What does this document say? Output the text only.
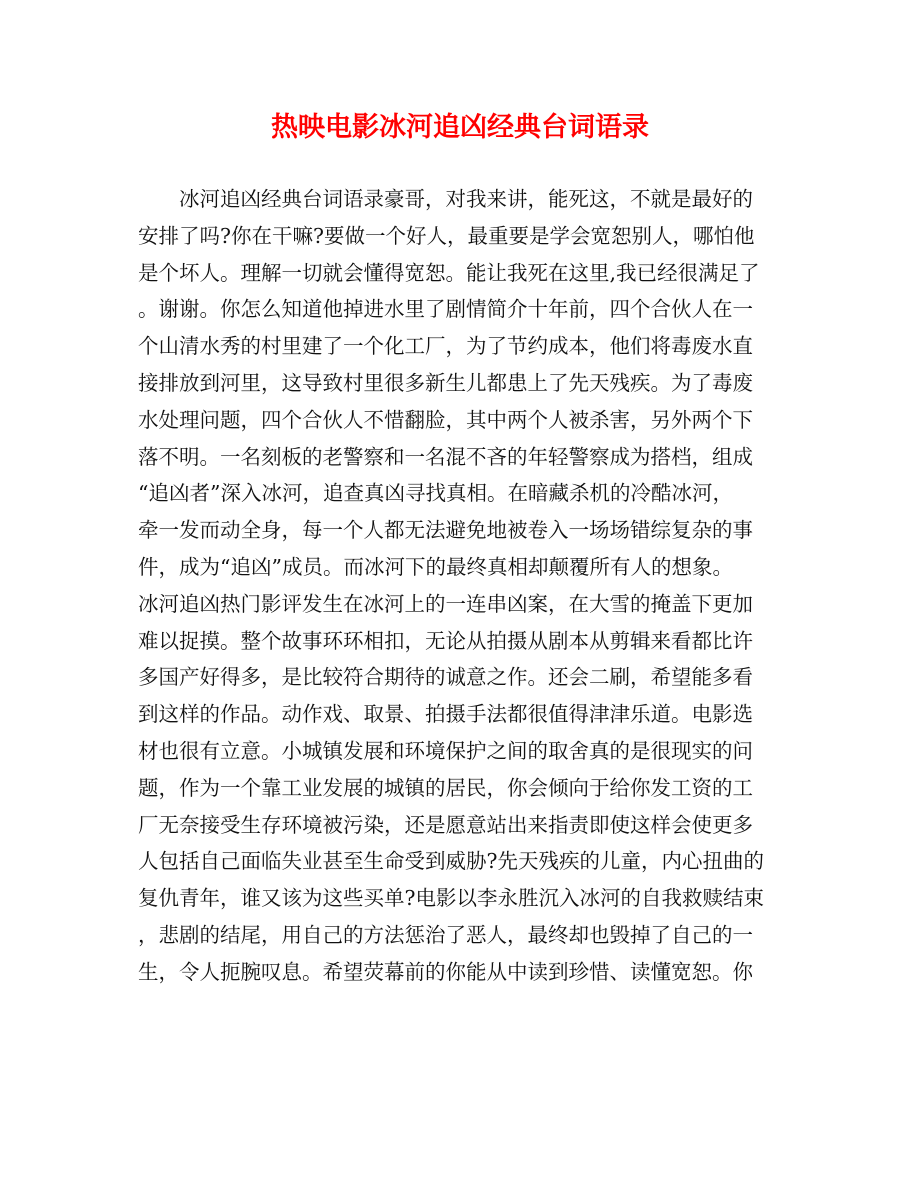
热映电影冰河追凶经典台词语录
冰河追凶经典台词语录豪哥，对我来讲，能死这，不就是最好的
安排了吗?你在干嘛?要做一个好人，最重要是学会宽恕别人，哪怕他
是个坏人。理解一切就会懂得宽恕。能让我死在这里,我已经很满足了
。谢谢。你怎么知道他掉进水里了剧情简介十年前，四个合伙人在一
个山清水秀的村里建了一个化工厂，为了节约成本，他们将毒废水直
接排放到河里，这导致村里很多新生儿都患上了先天残疾。为了毒废
水处理问题，四个合伙人不惜翻脸，其中两个人被杀害，另外两个下
落不明。一名刻板的老警察和一名混不吝的年轻警察成为搭档，组成
“追凶者”深入冰河，追查真凶寻找真相。在暗藏杀机的冷酷冰河，
牵一发而动全身，每一个人都无法避免地被卷入一场场错综复杂的事
件，成为“追凶”成员。而冰河下的最终真相却颠覆所有人的想象。
冰河追凶热门影评发生在冰河上的一连串凶案，在大雪的掩盖下更加
难以捉摸。整个故事环环相扣，无论从拍摄从剧本从剪辑来看都比许
多国产好得多，是比较符合期待的诚意之作。还会二刷，希望能多看
到这样的作品。动作戏、取景、拍摄手法都很值得津津乐道。电影选
材也很有立意。小城镇发展和环境保护之间的取舍真的是很现实的问
题，作为一个靠工业发展的城镇的居民，你会倾向于给你发工资的工
厂无奈接受生存环境被污染，还是愿意站出来指责即使这样会使更多
人包括自己面临失业甚至生命受到威胁?先天残疾的儿童，内心扭曲的
复仇青年，谁又该为这些买单?电影以李永胜沉入冰河的自我救赎结束
，悲剧的结尾，用自己的方法惩治了恶人，最终却也毁掉了自己的一
生，令人扼腕叹息。希望荧幕前的你能从中读到珍惜、读懂宽恕。你
